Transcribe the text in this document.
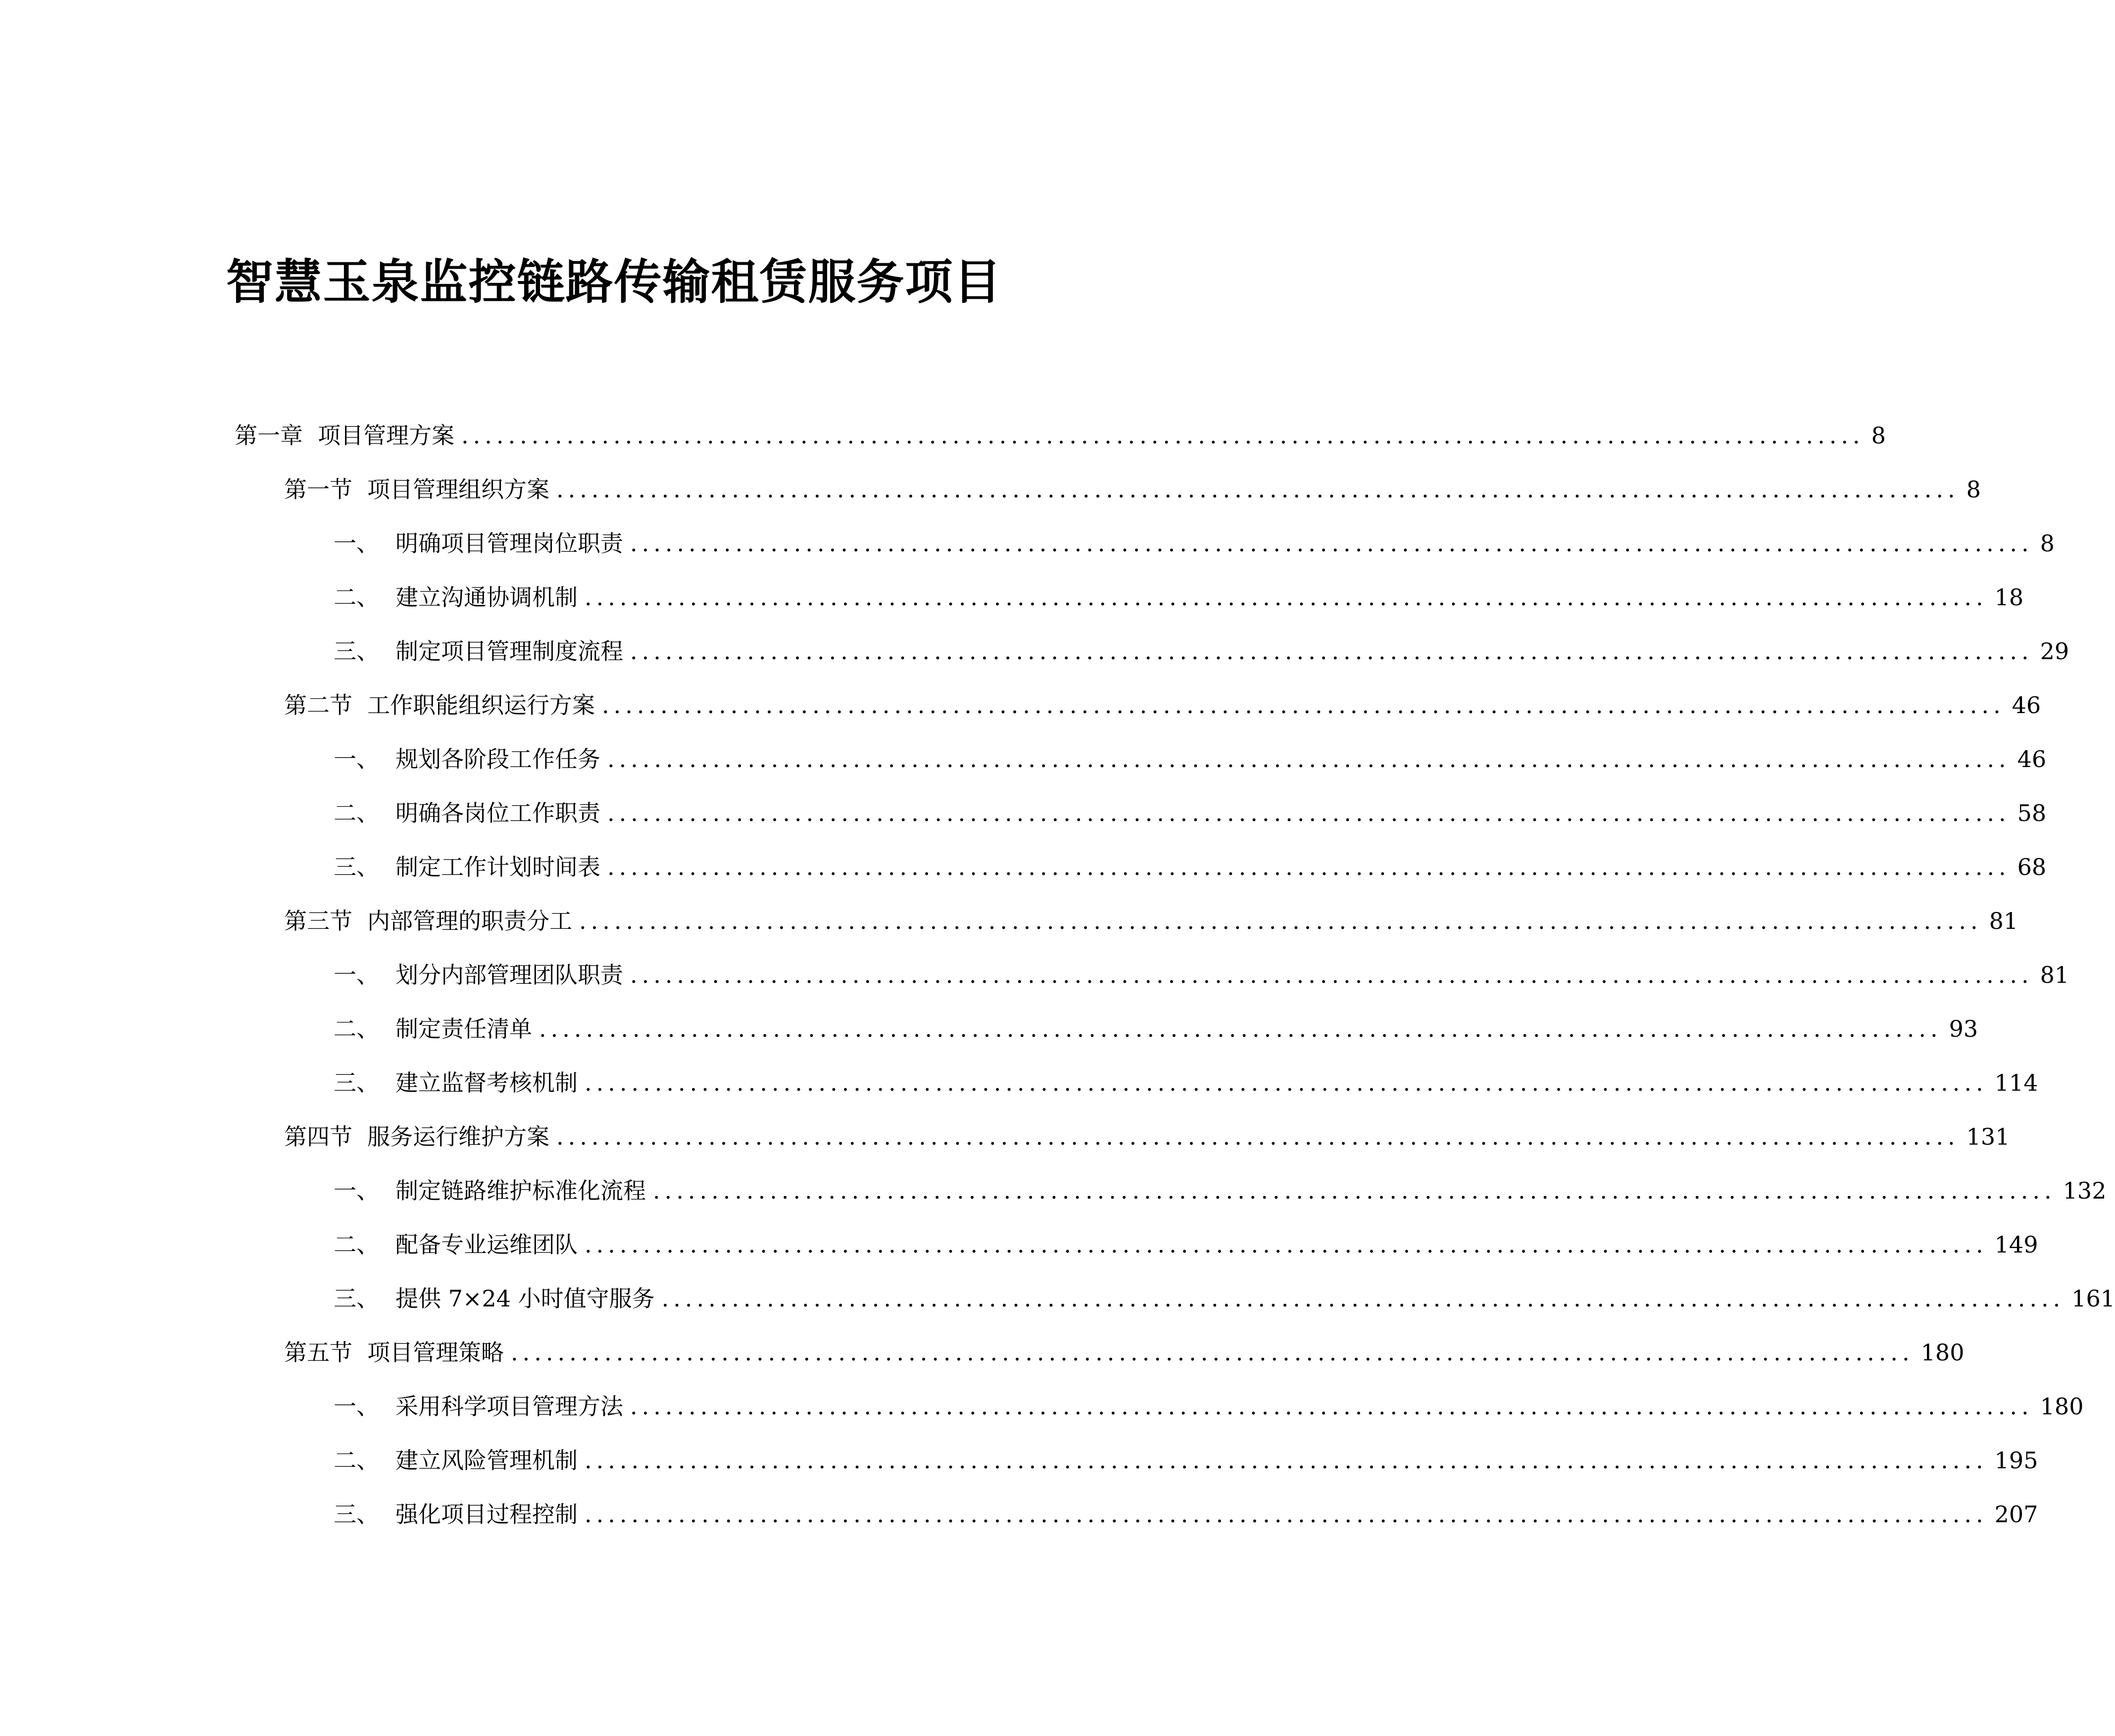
智慧玉泉监控链路传输租赁服务项目
第一章 项目管理方案 ........................................................................................................................ 8
第一节 项目管理组织方案 ........................................................................................................................ 8
一、 明确项目管理岗位职责 ........................................................................................................................ 8
二、 建立沟通协调机制 ........................................................................................................................ 18
三、 制定项目管理制度流程 ........................................................................................................................ 29
第二节 工作职能组织运行方案 ........................................................................................................................ 46
一、 规划各阶段工作任务 ........................................................................................................................ 46
二、 明确各岗位工作职责 ........................................................................................................................ 58
三、 制定工作计划时间表 ........................................................................................................................ 68
第三节 内部管理的职责分工 ........................................................................................................................ 81
一、 划分内部管理团队职责 ........................................................................................................................ 81
二、 制定责任清单 ........................................................................................................................ 93
三、 建立监督考核机制 ........................................................................................................................ 114
第四节 服务运行维护方案 ........................................................................................................................ 131
一、 制定链路维护标准化流程 ........................................................................................................................ 132
二、 配备专业运维团队 ........................................................................................................................ 149
三、 提供 7×24 小时值守服务 ........................................................................................................................ 161
第五节 项目管理策略 ........................................................................................................................ 180
一、 采用科学项目管理方法 ........................................................................................................................ 180
二、 建立风险管理机制 ........................................................................................................................ 195
三、 强化项目过程控制 ........................................................................................................................ 207
